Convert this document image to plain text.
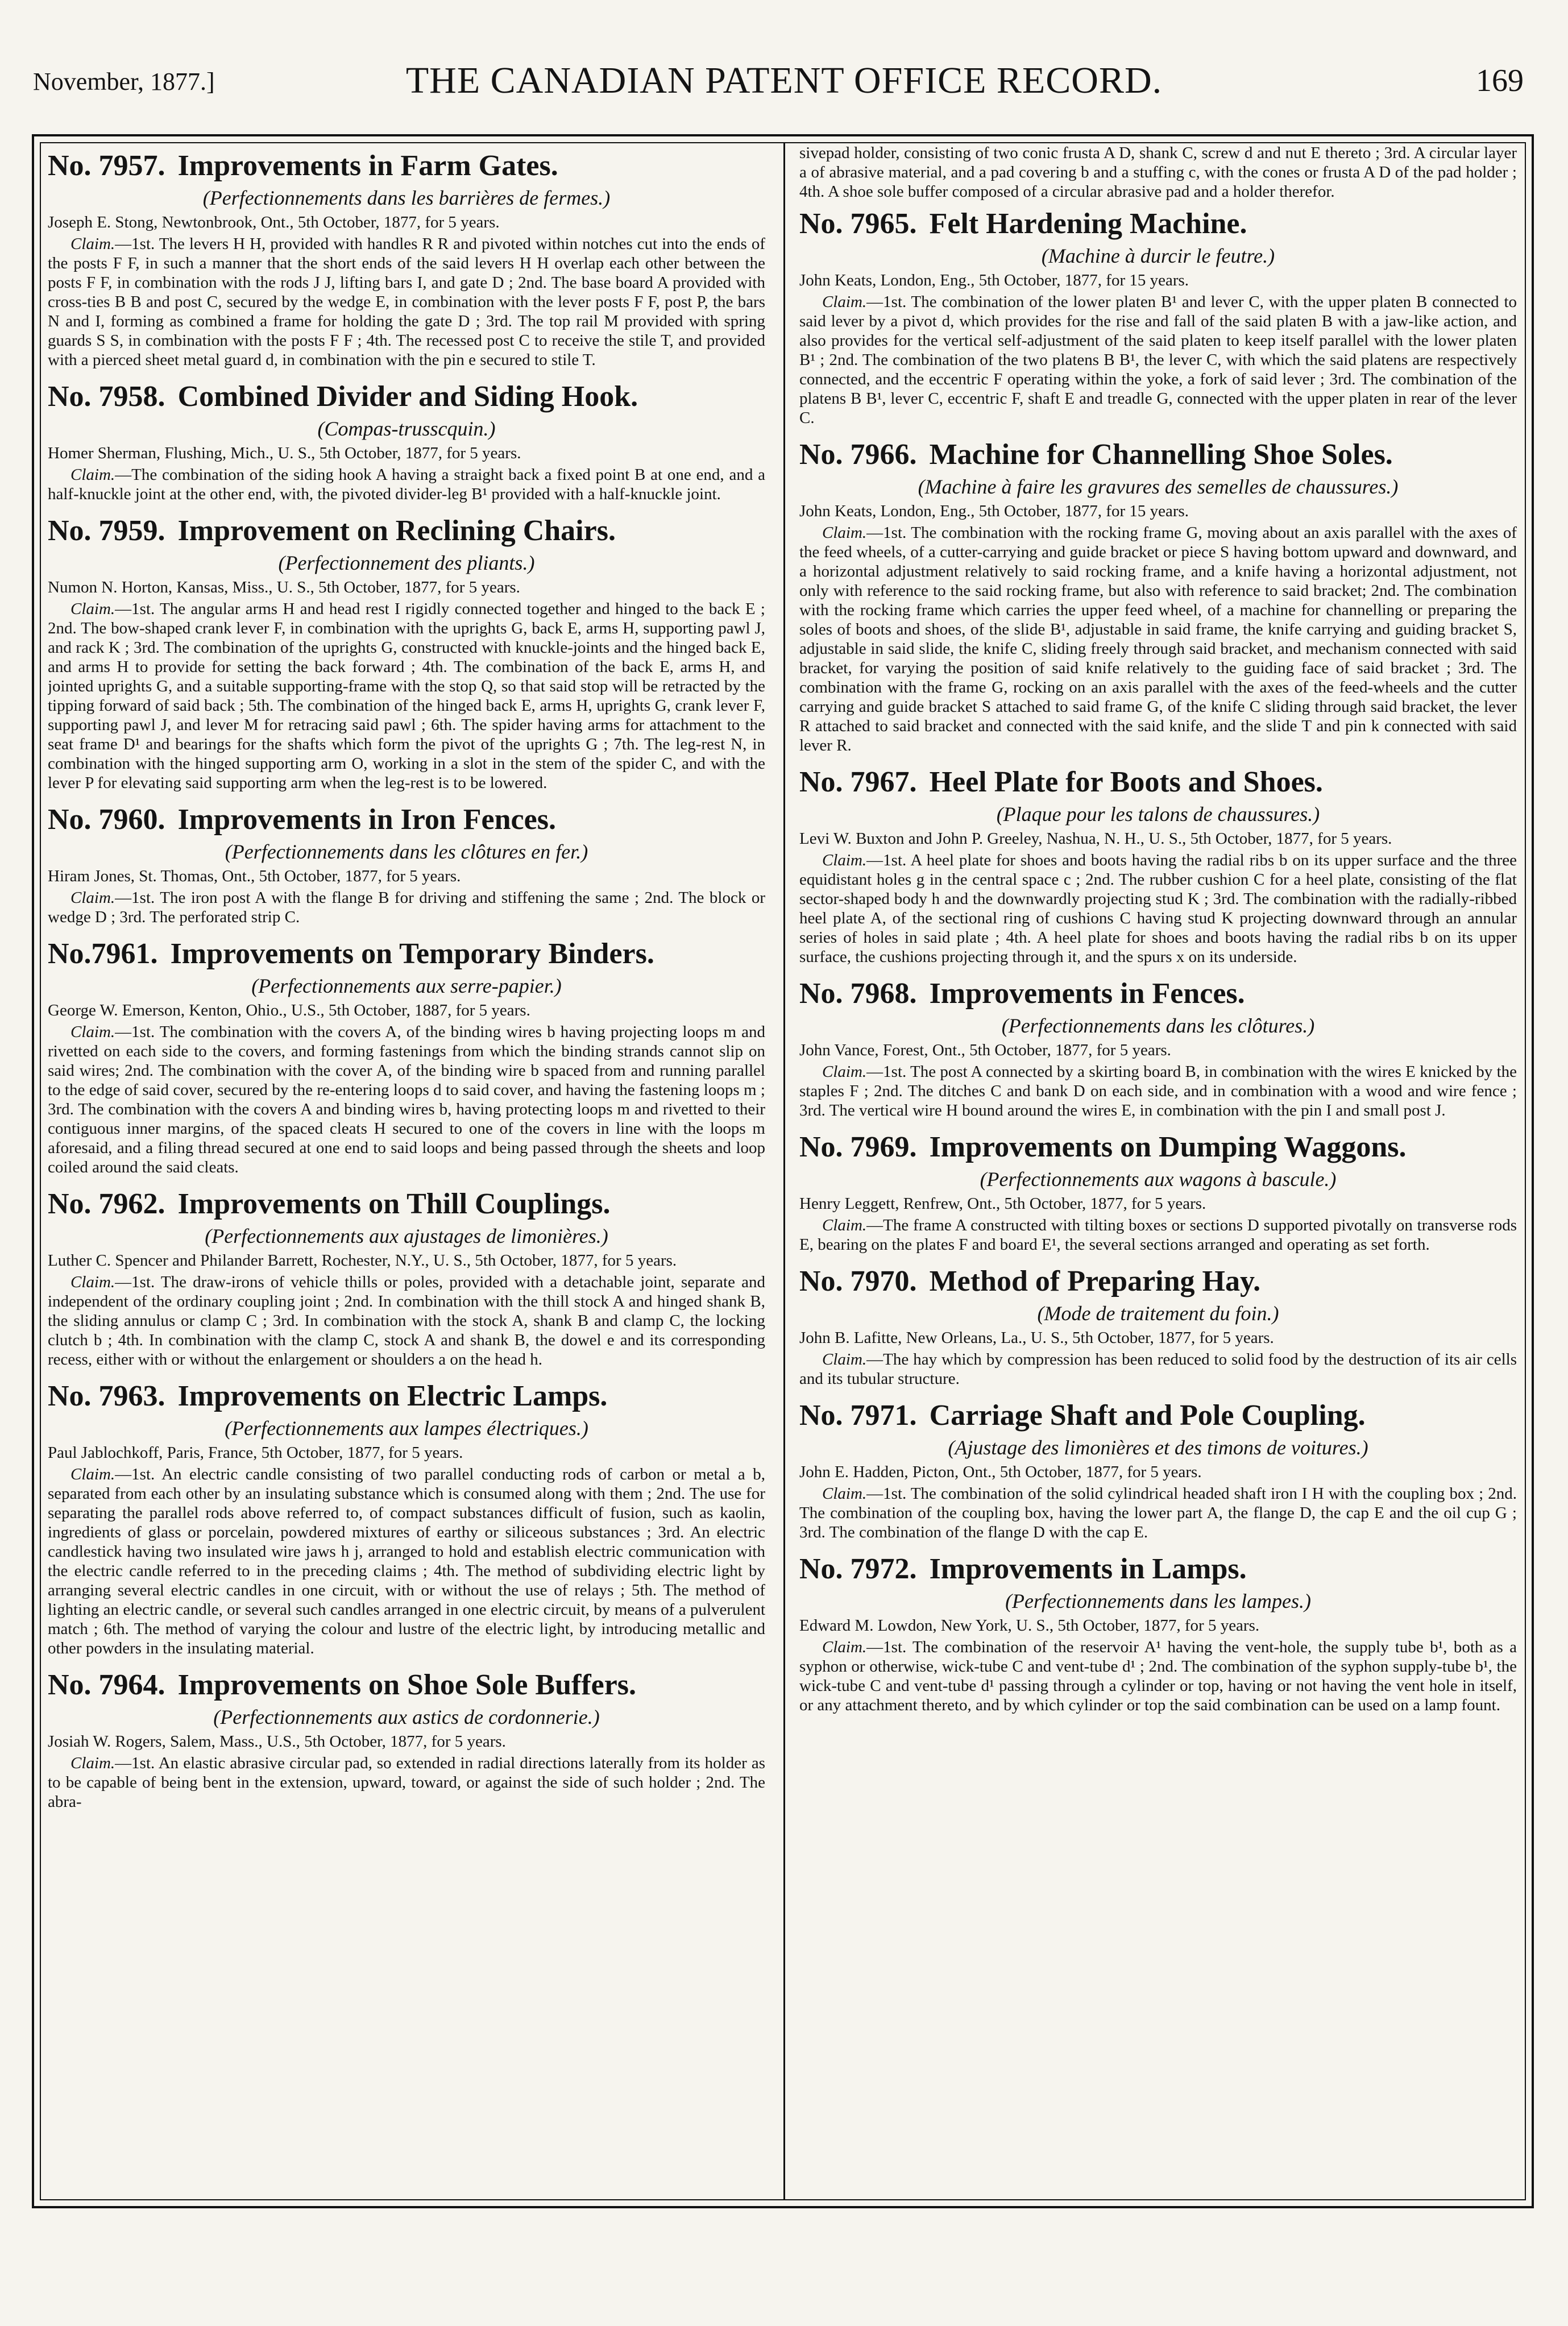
November, 1877.]	THE CANADIAN PATENT OFFICE RECORD.	169
No. 7957. Improvements in Farm Gates.
(Perfectionnements dans les barrières de fermes.)
Joseph E. Stong, Newtonbrook, Ont., 5th October, 1877, for 5 years.

Claim.—1st. The levers H H, provided with handles R R and pivoted within notches cut into the ends of the posts F F, in such a manner that the short ends of the said levers H H overlap each other between the posts F F, in combination with the rods J J, lifting bars I, and gate D ; 2nd. The base board A provided with cross-ties B B and post C, secured by the wedge E, in combination with the lever posts F F, post P, the bars N and I, forming as combined a frame for holding the gate D ; 3rd. The top rail M provided with spring guards S S, in combination with the posts F F ; 4th. The recessed post C to receive the stile T, and provided with a pierced sheet metal guard d, in combination with the pin e secured to stile T.

No. 7958. Combined Divider and Siding Hook.
(Compas-trusscquin.)
Homer Sherman, Flushing, Mich., U. S., 5th October, 1877, for 5 years.

Claim.—The combination of the siding hook A having a straight back a fixed point B at one end, and a half-knuckle joint at the other end, with, the pivoted divider-leg B¹ provided with a half-knuckle joint.

No. 7959. Improvement on Reclining Chairs.
(Perfectionnement des pliants.)
Numon N. Horton, Kansas, Miss., U. S., 5th October, 1877, for 5 years.

Claim.—1st. The angular arms H and head rest I rigidly connected together and hinged to the back E ; 2nd. The bow-shaped crank lever F, in combination with the uprights G, back E, arms H, supporting pawl J, and rack K ; 3rd. The combination of the uprights G, constructed with knuckle-joints and the hinged back E, and arms H to provide for setting the back forward ; 4th. The combination of the back E, arms H, and jointed uprights G, and a suitable supporting-frame with the stop Q, so that said stop will be retracted by the tipping forward of said back ; 5th. The combination of the hinged back E, arms H, uprights G, crank lever F, supporting pawl J, and lever M for retracing said pawl ; 6th. The spider having arms for attachment to the seat frame D¹ and bearings for the shafts which form the pivot of the uprights G ; 7th. The leg-rest N, in combination with the hinged supporting arm O, working in a slot in the stem of the spider C, and with the lever P for elevating said supporting arm when the leg-rest is to be lowered.

No. 7960. Improvements in Iron Fences.
(Perfectionnements dans les clôtures en fer.)
Hiram Jones, St. Thomas, Ont., 5th October, 1877, for 5 years.

Claim.—1st. The iron post A with the flange B for driving and stiffening the same ; 2nd. The block or wedge D ; 3rd. The perforated strip C.

No.7961. Improvements on Temporary Binders.
(Perfectionnements aux serre-papier.)
George W. Emerson, Kenton, Ohio., U.S., 5th October, 1887, for 5 years.

Claim.—1st. The combination with the covers A, of the binding wires b having projecting loops m and rivetted on each side to the covers, and forming fastenings from which the binding strands cannot slip on said wires; 2nd. The combination with the cover A, of the binding wire b spaced from and running parallel to the edge of said cover, secured by the re-entering loops d to said cover, and having the fastening loops m ; 3rd. The combination with the covers A and binding wires b, having protecting loops m and rivetted to their contiguous inner margins, of the spaced cleats H secured to one of the covers in line with the loops m aforesaid, and a filing thread secured at one end to said loops and being passed through the sheets and loop coiled around the said cleats.

No. 7962. Improvements on Thill Couplings.
(Perfectionnements aux ajustages de limonières.)
Luther C. Spencer and Philander Barrett, Rochester, N.Y., U. S., 5th October, 1877, for 5 years.

Claim.—1st. The draw-irons of vehicle thills or poles, provided with a detachable joint, separate and independent of the ordinary coupling joint ; 2nd. In combination with the thill stock A and hinged shank B, the sliding annulus or clamp C ; 3rd. In combination with the stock A, shank B and clamp C, the locking clutch b ; 4th. In combination with the clamp C, stock A and shank B, the dowel e and its corresponding recess, either with or without the enlargement or shoulders a on the head h.

No. 7963. Improvements on Electric Lamps.
(Perfectionnements aux lampes électriques.)
Paul Jablochkoff, Paris, France, 5th October, 1877, for 5 years.

Claim.—1st. An electric candle consisting of two parallel conducting rods of carbon or metal a b, separated from each other by an insulating substance which is consumed along with them ; 2nd. The use for separating the parallel rods above referred to, of compact substances difficult of fusion, such as kaolin, ingredients of glass or porcelain, powdered mixtures of earthy or siliceous substances ; 3rd. An electric candlestick having two insulated wire jaws h j, arranged to hold and establish electric communication with the electric candle referred to in the preceding claims ; 4th. The method of subdividing electric light by arranging several electric candles in one circuit, with or without the use of relays ; 5th. The method of lighting an electric candle, or several such candles arranged in one electric circuit, by means of a pulverulent match ; 6th. The method of varying the colour and lustre of the electric light, by introducing metallic and other powders in the insulating material.

No. 7964. Improvements on Shoe Sole Buffers.
(Perfectionnements aux astics de cordonnerie.)
Josiah W. Rogers, Salem, Mass., U.S., 5th October, 1877, for 5 years.

Claim.—1st. An elastic abrasive circular pad, so extended in radial directions laterally from its holder as to be capable of being bent in the extension, upward, toward, or against the side of such holder ; 2nd. The abra-

sivepad holder, consisting of two conic frusta A D, shank C, screw d and nut E thereto ; 3rd. A circular layer a of abrasive material, and a pad covering b and a stuffing c, with the cones or frusta A D of the pad holder ; 4th. A shoe sole buffer composed of a circular abrasive pad and a holder therefor.

No. 7965. Felt Hardening Machine.
(Machine à durcir le feutre.)
John Keats, London, Eng., 5th October, 1877, for 15 years.

Claim.—1st. The combination of the lower platen B¹ and lever C, with the upper platen B connected to said lever by a pivot d, which provides for the rise and fall of the said platen B with a jaw-like action, and also provides for the vertical self-adjustment of the said platen to keep itself parallel with the lower platen B¹ ; 2nd. The combination of the two platens B B¹, the lever C, with which the said platens are respectively connected, and the eccentric F operating within the yoke, a fork of said lever ; 3rd. The combination of the platens B B¹, lever C, eccentric F, shaft E and treadle G, connected with the upper platen in rear of the lever C.

No. 7966. Machine for Channelling Shoe Soles.
(Machine à faire les gravures des semelles de chaussures.)
John Keats, London, Eng., 5th October, 1877, for 15 years.

Claim.—1st. The combination with the rocking frame G, moving about an axis parallel with the axes of the feed wheels, of a cutter-carrying and guide bracket or piece S having bottom upward and downward, and a horizontal adjustment relatively to said rocking frame, and a knife having a horizontal adjustment, not only with reference to the said rocking frame, but also with reference to said bracket; 2nd. The combination with the rocking frame which carries the upper feed wheel, of a machine for channelling or preparing the soles of boots and shoes, of the slide B¹, adjustable in said frame, the knife carrying and guiding bracket S, adjustable in said slide, the knife C, sliding freely through said bracket, and mechanism connected with said bracket, for varying the position of said knife relatively to the guiding face of said bracket ; 3rd. The combination with the frame G, rocking on an axis parallel with the axes of the feed-wheels and the cutter carrying and guide bracket S attached to said frame G, of the knife C sliding through said bracket, the lever R attached to said bracket and connected with the said knife, and the slide T and pin k connected with said lever R.

No. 7967. Heel Plate for Boots and Shoes.
(Plaque pour les talons de chaussures.)
Levi W. Buxton and John P. Greeley, Nashua, N. H., U. S., 5th October, 1877, for 5 years.

Claim.—1st. A heel plate for shoes and boots having the radial ribs b on its upper surface and the three equidistant holes g in the central space c ; 2nd. The rubber cushion C for a heel plate, consisting of the flat sector-shaped body h and the downwardly projecting stud K ; 3rd. The combination with the radially-ribbed heel plate A, of the sectional ring of cushions C having stud K projecting downward through an annular series of holes in said plate ; 4th. A heel plate for shoes and boots having the radial ribs b on its upper surface, the cushions projecting through it, and the spurs x on its underside.

No. 7968. Improvements in Fences.
(Perfectionnements dans les clôtures.)
John Vance, Forest, Ont., 5th October, 1877, for 5 years.

Claim.—1st. The post A connected by a skirting board B, in combination with the wires E knicked by the staples F ; 2nd. The ditches C and bank D on each side, and in combination with a wood and wire fence ; 3rd. The vertical wire H bound around the wires E, in combination with the pin I and small post J.

No. 7969. Improvements on Dumping Waggons.
(Perfectionnements aux wagons à bascule.)
Henry Leggett, Renfrew, Ont., 5th October, 1877, for 5 years.

Claim.—The frame A constructed with tilting boxes or sections D supported pivotally on transverse rods E, bearing on the plates F and board E¹, the several sections arranged and operating as set forth.

No. 7970. Method of Preparing Hay.
(Mode de traitement du foin.)
John B. Lafitte, New Orleans, La., U. S., 5th October, 1877, for 5 years.

Claim.—The hay which by compression has been reduced to solid food by the destruction of its air cells and its tubular structure.

No. 7971. Carriage Shaft and Pole Coupling.
(Ajustage des limonières et des timons de voitures.)
John E. Hadden, Picton, Ont., 5th October, 1877, for 5 years.

Claim.—1st. The combination of the solid cylindrical headed shaft iron I H with the coupling box ; 2nd. The combination of the coupling box, having the lower part A, the flange D, the cap E and the oil cup G ; 3rd. The combination of the flange D with the cap E.

No. 7972. Improvements in Lamps.
(Perfectionnements dans les lampes.)
Edward M. Lowdon, New York, U. S., 5th October, 1877, for 5 years.

Claim.—1st. The combination of the reservoir A¹ having the vent-hole, the supply tube b¹, both as a syphon or otherwise, wick-tube C and vent-tube d¹ ; 2nd. The combination of the syphon supply-tube b¹, the wick-tube C and vent-tube d¹ passing through a cylinder or top, having or not having the vent hole in itself, or any attachment thereto, and by which cylinder or top the said combination can be used on a lamp fount.
